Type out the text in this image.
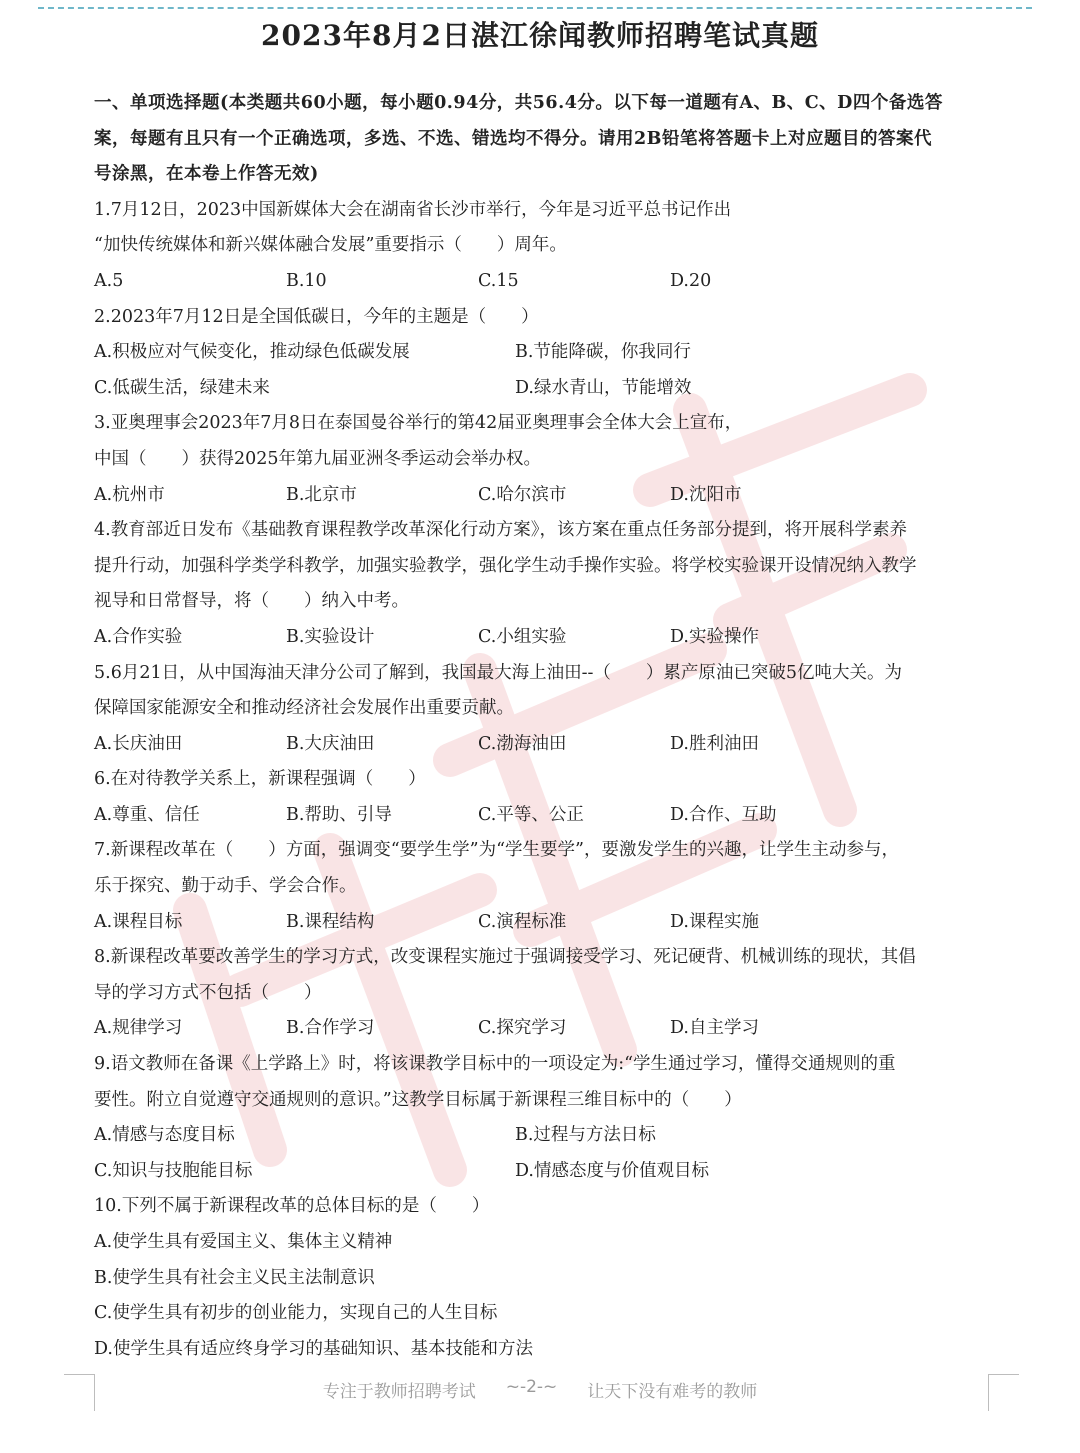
2023年8月2日湛江徐闻教师招聘笔试真题
一、单项选择题(本类题共60小题，每小题0.94分，共56.4分。以下每一道题有A、B、C、D四个备选答
案，每题有且只有一个正确选项，多选、不选、错选均不得分。请用2B铅笔将答题卡上对应题目的答案代
号涂黑，在本卷上作答无效)
1.7月12日，2023中国新媒体大会在湖南省长沙市举行，今年是习近平总书记作出
“加快传统媒体和新兴媒体融合发展”重要指示（　　）周年。
A.5	B.10	C.15	D.20
2.2023年7月12日是全国低碳日，今年的主题是（　　）
A.积极应对气候变化，推动绿色低碳发展	B.节能降碳，你我同行
C.低碳生活，绿建未来	D.绿水青山，节能增效
3.亚奥理事会2023年7月8日在泰国曼谷举行的第42届亚奥理事会全体大会上宣布，
中国（　　）获得2025年第九届亚洲冬季运动会举办权。
A.杭州市	B.北京市	C.哈尔滨市	D.沈阳市
4.教育部近日发布《基础教育课程教学改革深化行动方案》，该方案在重点任务部分提到，将开展科学素养
提升行动，加强科学类学科教学，加强实验教学，强化学生动手操作实验。将学校实验课开设情况纳入教学
视导和日常督导，将（　　）纳入中考。
A.合作实验	B.实验设计	C.小组实验	D.实验操作
5.6月21日，从中国海油天津分公司了解到，我国最大海上油田--（　　）累产原油已突破5亿吨大关。为
保障国家能源安全和推动经济社会发展作出重要贡献。
A.长庆油田	B.大庆油田	C.渤海油田	D.胜利油田
6.在对待教学关系上，新课程强调（　　）
A.尊重、信任	B.帮助、引导	C.平等、公正	D.合作、互助
7.新课程改革在（　　）方面，强调变“要学生学”为“学生要学”，要激发学生的兴趣，让学生主动参与，
乐于探究、勤于动手、学会合作。
A.课程目标	B.课程结构	C.演程标准	D.课程实施
8.新课程改革要改善学生的学习方式，改变课程实施过于强调接受学习、死记硬背、机械训练的现状，其倡
导的学习方式不包括（　　）
A.规律学习	B.合作学习	C.探究学习	D.自主学习
9.语文教师在备课《上学路上》时，将该课教学目标中的一项设定为:“学生通过学习，懂得交通规则的重
要性。附立自觉遵守交通规则的意识。”这教学目标属于新课程三维目标中的（　　）
A.情感与态度目标	B.过程与方法日标
C.知识与技胞能目标	D.情感态度与价值观目标
10.下列不属于新课程改革的总体目标的是（　　）
A.使学生具有爱国主义、集体主义精神
B.使学生具有社会主义民主法制意识
C.使学生具有初步的创业能力，实现自己的人生目标
D.使学生具有适应终身学习的基础知识、基本技能和方法
专注于教师招聘考试 ~-2-~ 让天下没有难考的教师
